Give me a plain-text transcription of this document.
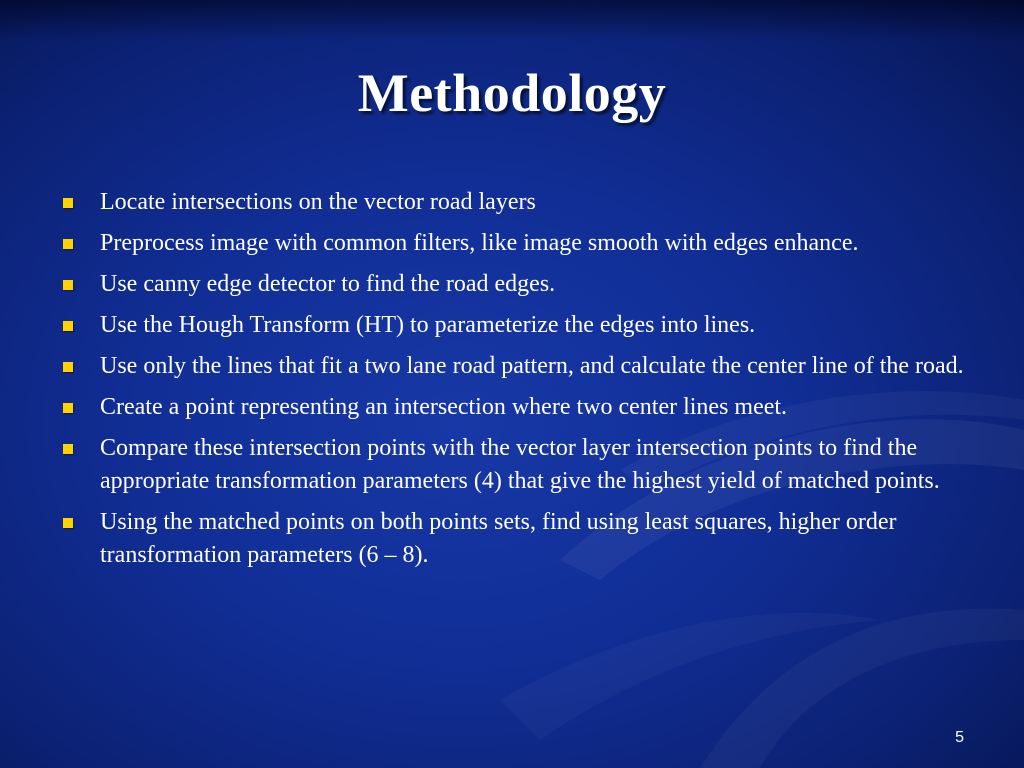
Methodology
Locate intersections on the vector road layers
Preprocess image with common filters, like image smooth with edges enhance.
Use canny edge detector to find the road edges.
Use the Hough Transform (HT) to parameterize the edges into lines.
Use only the lines that fit a two lane road pattern, and calculate the center line of the road.
Create a point representing an intersection where two center lines meet.
Compare these intersection points with the vector layer intersection points to find the appropriate transformation parameters (4) that give the highest yield of matched points.
Using the matched points on both points sets, find using least squares, higher order transformation parameters (6 – 8).
5
